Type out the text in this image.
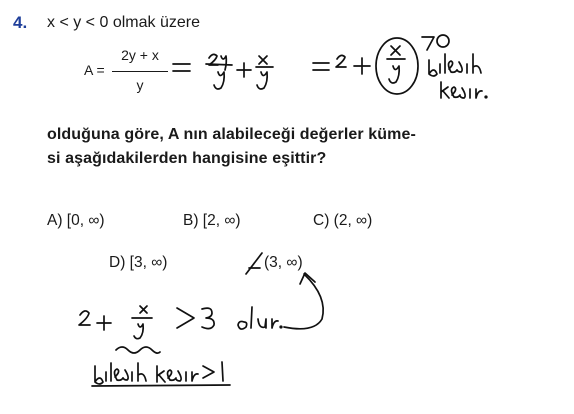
4. x < y < 0 olmak üzere
A =
2y + x
y
olduğuna göre, A nın alabileceği değerler küme-
si aşağıdakilerden hangisine eşittir?
A) [0, ∞)	B) [2, ∞)	C) (2, ∞)
D) [3, ∞)	(3, ∞)
